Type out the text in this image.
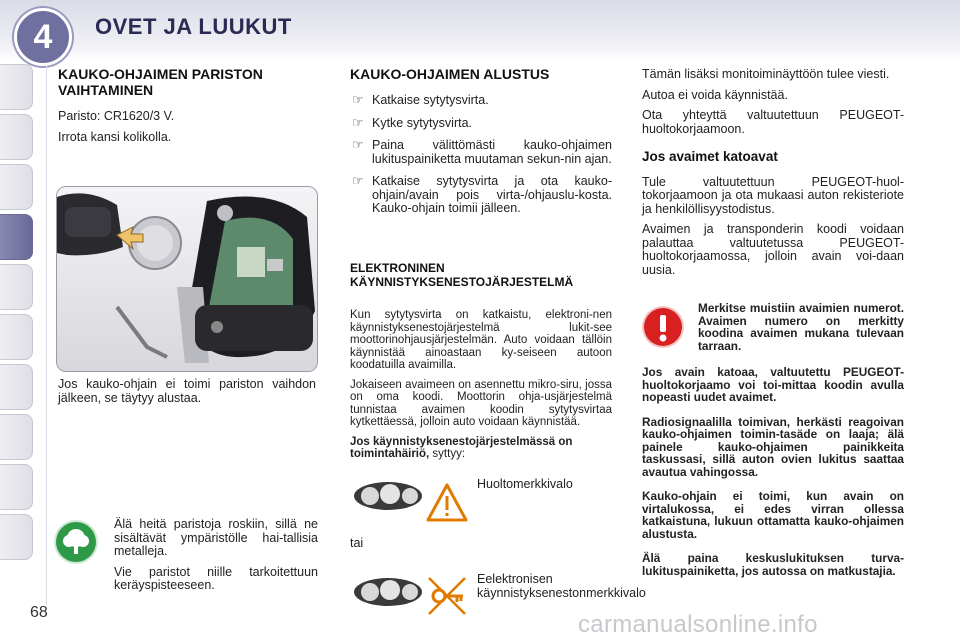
4	OVET JA LUUKUT
KAUKO-OHJAIMEN PARISTON VAIHTAMINEN

Paristo: CR1620/3 V.

Irrota kansi kolikolla.

Jos kauko-ohjain ei toimi pariston vaihdon jälkeen, se täytyy alustaa.

Älä heitä paristoja roskiin, sillä ne sisältävät ympäristölle hai-tallisia metalleja.

Vie paristot niille tarkoitettuun keräyspisteeseen.

KAUKO-OHJAIMEN ALUSTUS
☞ Katkaise sytytysvirta.
☞ Kytke sytytysvirta.
☞ Paina välittömästi kauko-ohjaimen lukituspainiketta muutaman sekun-nin ajan.
☞ Katkaise sytytysvirta ja ota kauko-ohjain/avain pois virta-/ohjauslu-kosta. Kauko-ohjain toimii jälleen.
ELEKTRONINEN
KÄYNNISTYKSENESTOJÄRJESTELMÄ

Kun sytytysvirta on katkaistu, elektroni-nen käynnistyksenestojärjestelmä lukit-see moottorinohjausjärjestelmän. Auto voidaan tällöin käynnistää ainoastaan ky-seiseen autoon koodatuilla avaimilla.

Jokaiseen avaimeen on asennettu mikro-siru, jossa on oma koodi. Moottorin ohja-usjärjestelmä tunnistaa avaimen koodin sytytysvirtaa kytkettäessä, jolloin auto voidaan käynnistää.

Jos käynnistyksenestojärjestelmässä on toimintahäiriö, syttyy:

Huoltomerkkivalo
tai
Eelektronisen käynnistyksenestonmerkkivalo

Tämän lisäksi monitoiminäyttöön tulee viesti.

Autoa ei voida käynnistää.

Ota yhteyttä valtuutettuun PEUGEOT-huoltokorjaamoon.

Jos avaimet katoavat

Tule valtuutettuun PEUGEOT-huol-tokorjaamoon ja ota mukaasi auton rekisteriote ja henkilöllisyystodistus.

Avaimen ja transponderin koodi voidaan palauttaa valtuutetussa PEUGEOT-huoltokorjaamossa, jolloin avain voi-daan uusia.

Merkitse muistiin avaimien numerot. Avaimen numero on merkitty koodina avaimen mukana tulevaan tarraan.

Jos avain katoaa, valtuutettu PEUGEOT-huoltokorjaamo voi toi-mittaa koodin avulla nopeasti uudet avaimet.

Radiosignaalilla toimivan, herkästi reagoivan kauko-ohjaimen toimin-tasäde on laaja; älä painele kauko-ohjaimen painikkeita taskussasi, sillä auton ovien lukitus saattaa avautua vahingossa.

Kauko-ohjain ei toimi, kun avain on virtalukossa, ei edes virran ollessa katkaistuna, lukuun ottamatta kauko-ohjaimen alustusta.

Älä paina keskuslukituksen turva-lukituspainiketta, jos autossa on matkustajia.

68	carmanualsonline.info
